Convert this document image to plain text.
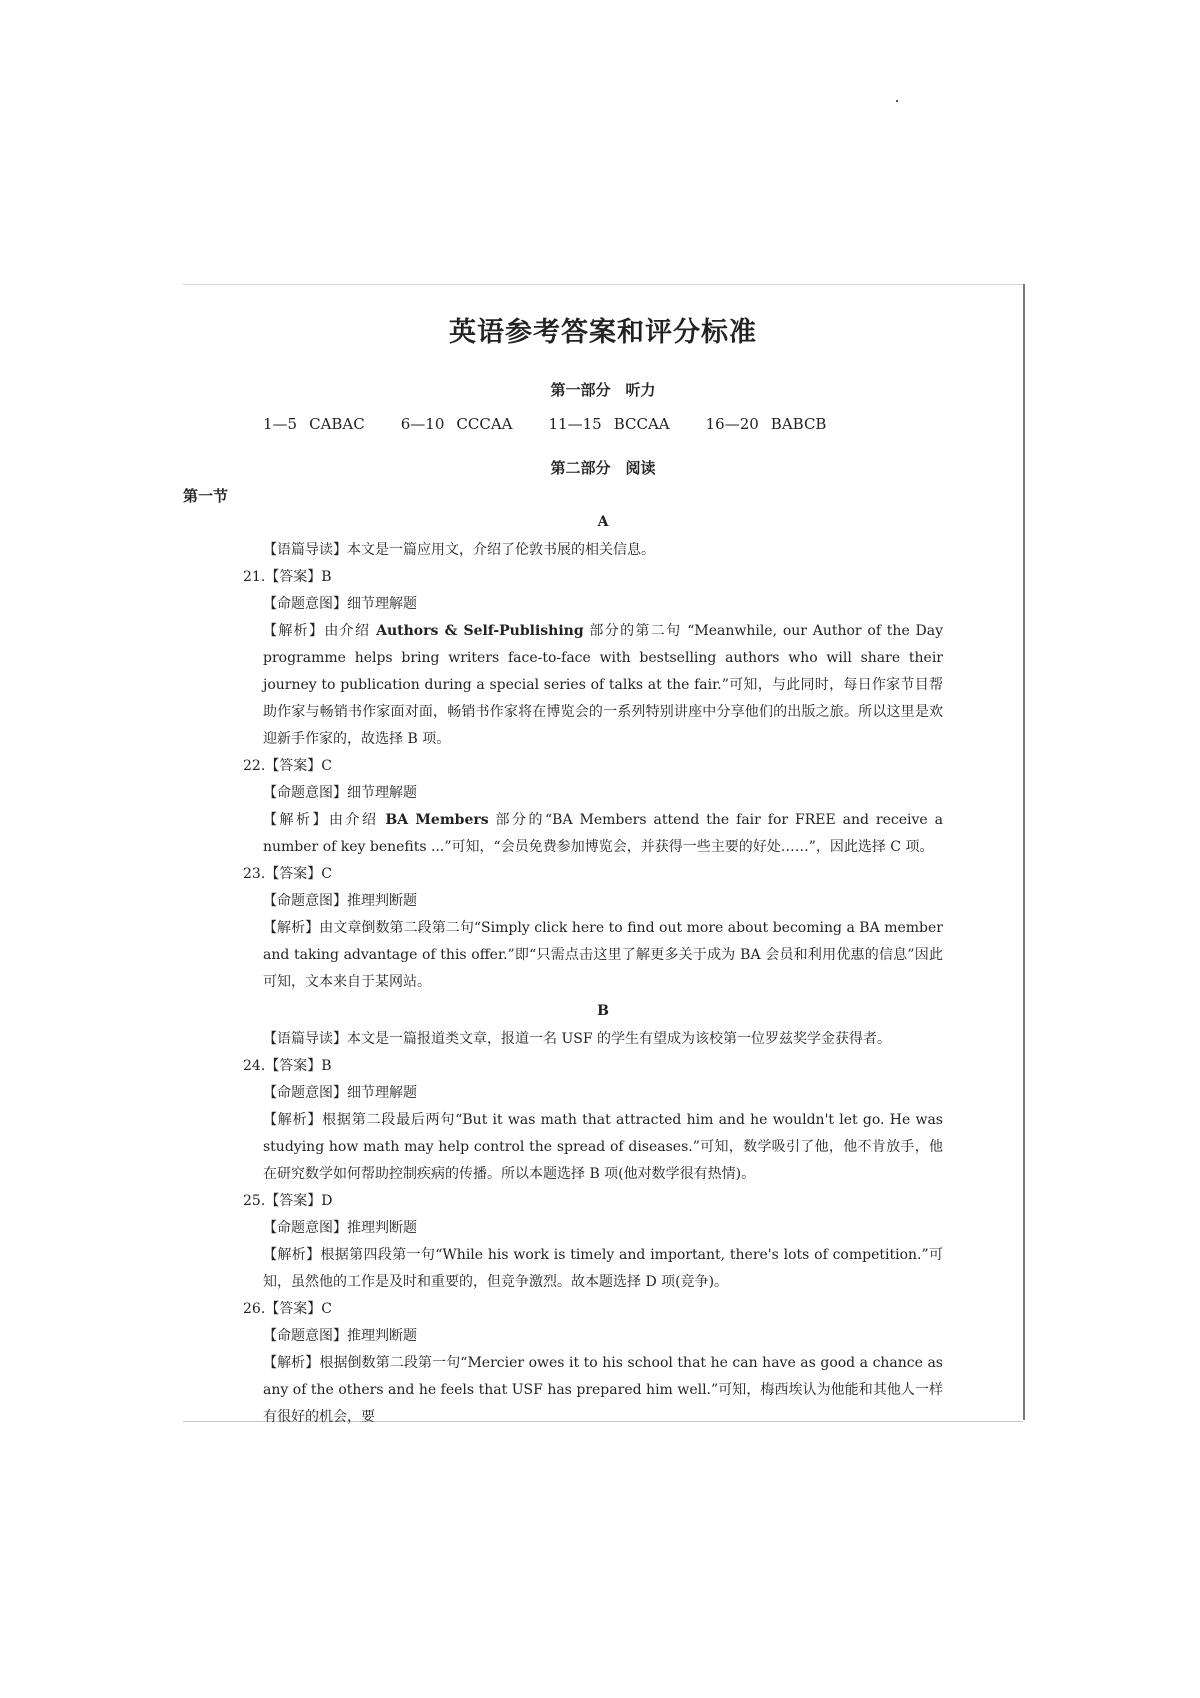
英语参考答案和评分标准

第一部分　听力

1—5 CABAC 6—10 CCCAA 11—15 BCCAA 16—20 BABCB

第二部分　阅读

第一节

A

【语篇导读】本文是一篇应用文，介绍了伦敦书展的相关信息。

21.【答案】B

【命题意图】细节理解题

【解析】由介绍 Authors & Self-Publishing 部分的第二句 “Meanwhile, our Author of the Day programme helps bring writers face-to-face with bestselling authors who will share their journey to publication during a special series of talks at the fair.”可知，与此同时，每日作家节目帮助作家与畅销书作家面对面，畅销书作家将在博览会的一系列特别讲座中分享他们的出版之旅。所以这里是欢迎新手作家的，故选择 B 项。

22.【答案】C

【命题意图】细节理解题

【解析】由介绍 BA Members 部分的“BA Members attend the fair for FREE and receive a number of key benefits ...”可知，“会员免费参加博览会，并获得一些主要的好处……”，因此选择 C 项。

23.【答案】C

【命题意图】推理判断题

【解析】由文章倒数第二段第二句“Simply click here to find out more about becoming a BA member and taking advantage of this offer.”即“只需点击这里了解更多关于成为 BA 会员和利用优惠的信息”因此可知，文本来自于某网站。

B

【语篇导读】本文是一篇报道类文章，报道一名 USF 的学生有望成为该校第一位罗兹奖学金获得者。

24.【答案】B

【命题意图】细节理解题

【解析】根据第二段最后两句“But it was math that attracted him and he wouldn't let go. He was studying how math may help control the spread of diseases.”可知，数学吸引了他，他不肯放手，他在研究数学如何帮助控制疾病的传播。所以本题选择 B 项(他对数学很有热情)。

25.【答案】D

【命题意图】推理判断题

【解析】根据第四段第一句“While his work is timely and important, there's lots of competition.”可知，虽然他的工作是及时和重要的，但竞争激烈。故本题选择 D 项(竞争)。

26.【答案】C

【命题意图】推理判断题

【解析】根据倒数第二段第一句“Mercier owes it to his school that he can have as good a chance as any of the others and he feels that USF has prepared him well.”可知，梅西埃认为他能和其他人一样有很好的机会，要
